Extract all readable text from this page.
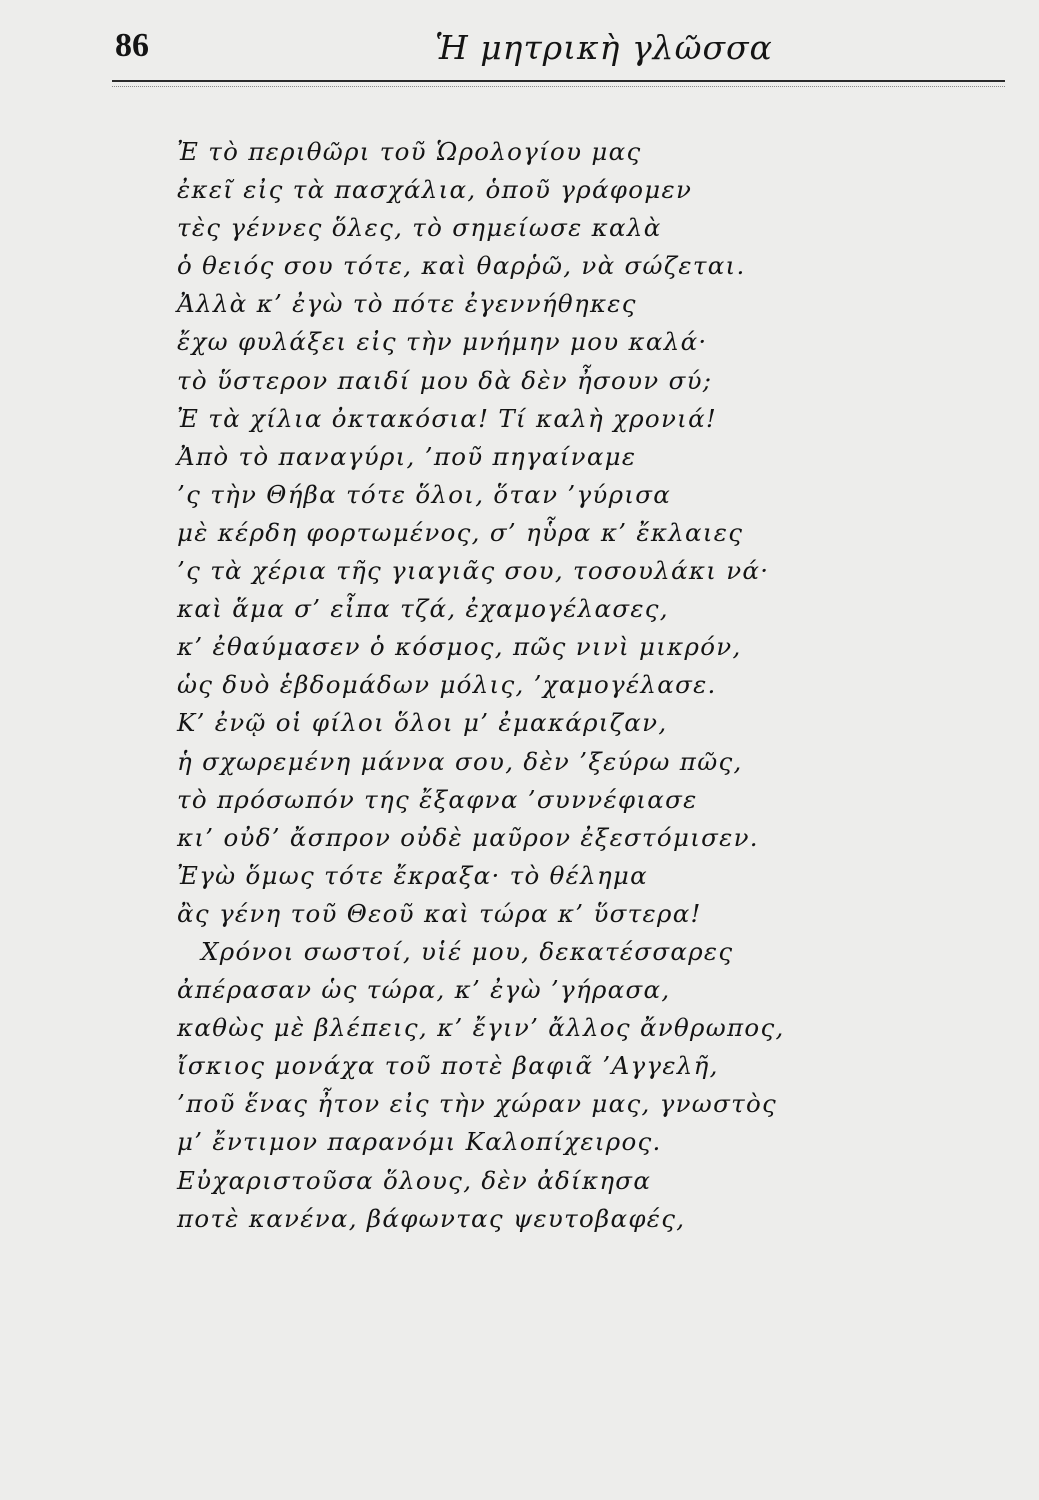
86	Ἡ μητρικὴ γλῶσσα
Ἐ τὸ περιθῶρι τοῦ Ὡρολογίου μας
ἐκεῖ εἰς τὰ πασχάλια, ὁποῦ γράφομεν
τὲς γέννες ὅλες, τὸ σημείωσε καλὰ
ὁ θειός σου τότε, καὶ θαρῥῶ, νὰ σώζεται.
Ἀλλὰ κ’ ἐγὼ τὸ πότε ἐγεννήθηκες
ἔχω φυλάξει εἰς τὴν μνήμην μου καλά·
τὸ ὕστερον παιδί μου δὰ δὲν ἦσουν σύ;
Ἐ τὰ χίλια ὀκτακόσια! Τί καλὴ χρονιά!
Ἀπὸ τὸ παναγύρι, ’ποῦ πηγαίναμε
’ς τὴν Θήβα τότε ὅλοι, ὅταν ’γύρισα
μὲ κέρδη φορτωμένος, σ’ ηὗρα κ’ ἔκλαιες
’ς τὰ χέρια τῆς γιαγιᾶς σου, τοσουλάκι νά·
καὶ ἅμα σ’ εἶπα τζά, ἐχαμογέλασες,
κ’ ἐθαύμασεν ὁ κόσμος, πῶς νινὶ μικρόν,
ὡς δυὸ ἑβδομάδων μόλις, ’χαμογέλασε.
Κ’ ἐνῷ οἱ φίλοι ὅλοι μ’ ἐμακάριζαν,
ἡ σχωρεμένη μάννα σου, δὲν ’ξεύρω πῶς,
τὸ πρόσωπόν της ἔξαφνα ’συννέφιασε
κι’ οὐδ’ ἄσπρον οὐδὲ μαῦρον ἐξεστόμισεν.
Ἐγὼ ὅμως τότε ἔκραξα· τὸ θέλημα
ἂς γένη τοῦ Θεοῦ καὶ τώρα κ’ ὕστερα!
Χρόνοι σωστοί, υἱέ μου, δεκατέσσαρες
ἀπέρασαν ὡς τώρα, κ’ ἐγὼ ’γήρασα,
καθὼς μὲ βλέπεις, κ’ ἔγιν’ ἄλλος ἄνθρωπος,
ἴσκιος μονάχα τοῦ ποτὲ βαφιᾶ ’Αγγελῆ,
’ποῦ ἕνας ἦτον εἰς τὴν χώραν μας, γνωστὸς
μ’ ἔντιμον παρανόμι Καλοπίχειρος.
Εὐχαριστοῦσα ὅλους, δὲν ἀδίκησα
ποτὲ κανένα, βάφωντας ψευτοβαφές,
